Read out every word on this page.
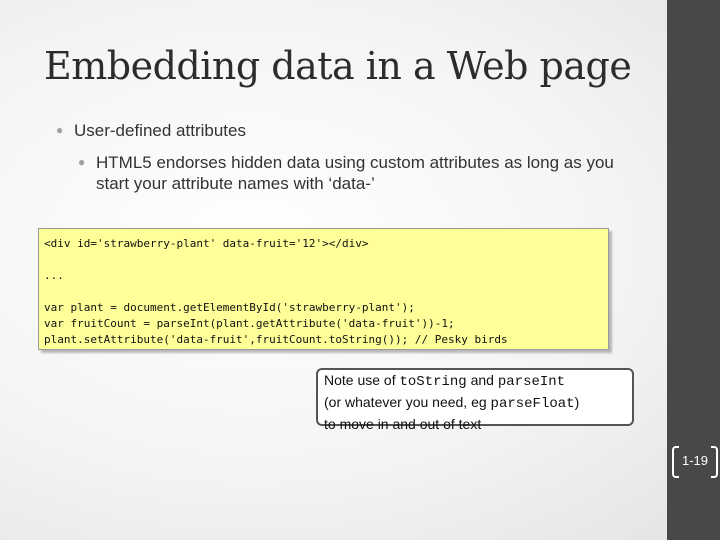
Embedding data in a Web page
● User-defined attributes
● HTML5 endorses hidden data using custom attributes as long as you start your attribute names with ‘data-’
<div id='strawberry-plant' data-fruit='12'></div>
...
var plant = document.getElementById('strawberry-plant');
var fruitCount = parseInt(plant.getAttribute('data-fruit'))-1;
plant.setAttribute('data-fruit',fruitCount.toString()); // Pesky birds
Note use of toString and parseInt
(or whatever you need, eg parseFloat)
to move in and out of text
1-19
